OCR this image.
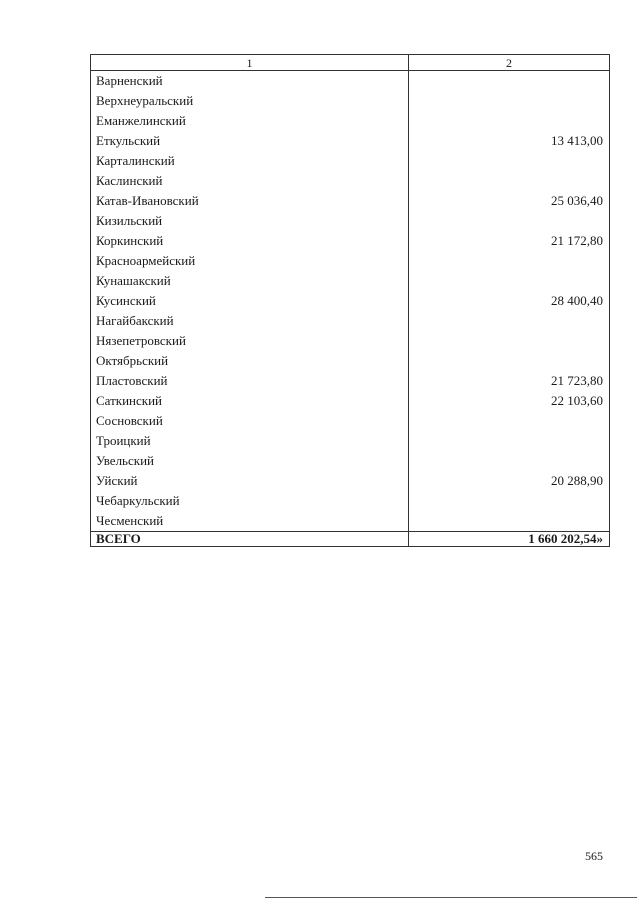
1	2
Варненский	
Верхнеуральский	
Еманжелинский	
Еткульский	13 413,00
Карталинский	
Каслинский	
Катав-Ивановский	25 036,40
Кизильский	
Коркинский	21 172,80
Красноармейский	
Кунашакский	
Кусинский	28 400,40
Нагайбакский	
Нязепетровский	
Октябрьский	
Пластовский	21 723,80
Саткинский	22 103,60
Сосновский	
Троицкий	
Увельский	
Уйский	20 288,90
Чебаркульский	
Чесменский	
ВСЕГО	1 660 202,54»
565
